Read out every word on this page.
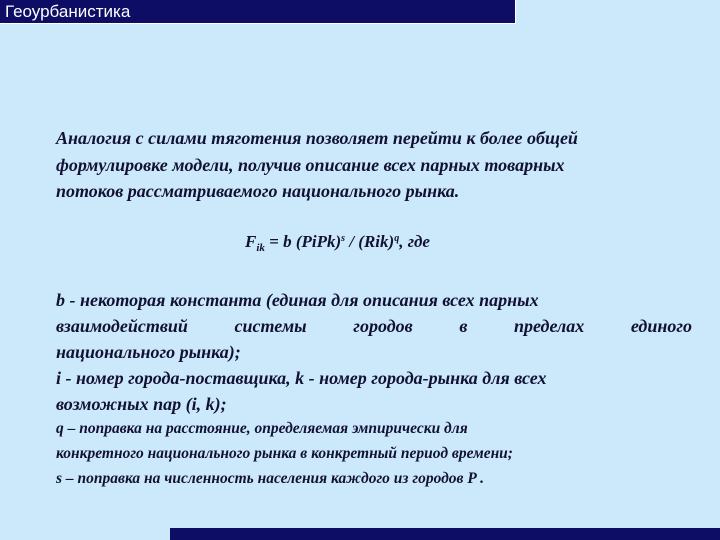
Геоурбанистика
Аналогия с силами тяготения позволяет перейти к более общей
формулировке модели, получив описание всех парных товарных
потоков рассматриваемого национального рынка.
$F_{ik} = b$ (PiPk)$^s$ / (Rik)$^q$, где
b - некоторая константа (единая для описания всех парных
взаимодействий	системы	городов	в	пределах	единого
национального рынка);
i - номер города-поставщика, k - номер города-рынка для всех
возможных пар (i, k);
q – поправка на расстояние, определяемая эмпирически для
конкретного национального рынка в конкретный период времени;
s – поправка на численность населения каждого из городов P .
